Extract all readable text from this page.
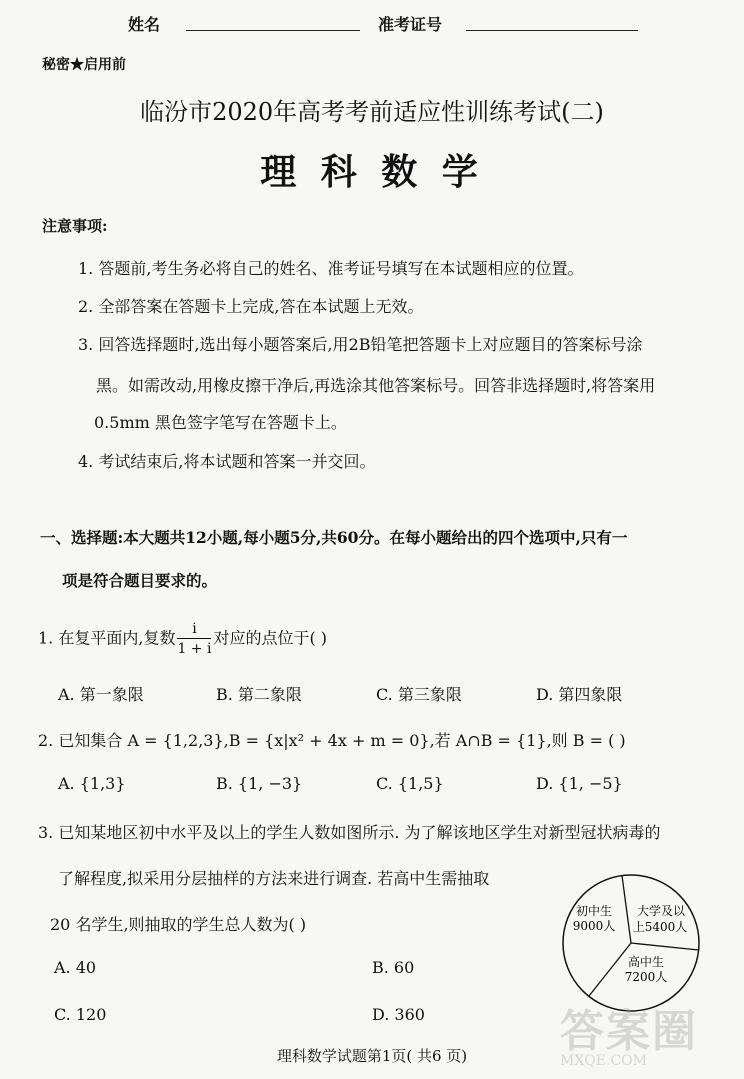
姓名	准考证号
秘密★启用前
临汾市2020年高考考前适应性训练考试(二)
理 科 数 学
注意事项:
1. 答题前,考生务必将自己的姓名、准考证号填写在本试题相应的位置。
2. 全部答案在答题卡上完成,答在本试题上无效。
3. 回答选择题时,选出每小题答案后,用2B铅笔把答题卡上对应题目的答案标号涂
黑。如需改动,用橡皮擦干净后,再选涂其他答案标号。回答非选择题时,将答案用
0.5mm 黑色签字笔写在答题卡上。
4. 考试结束后,将本试题和答案一并交回。
一、选择题:本大题共12小题,每小题5分,共60分。在每小题给出的四个选项中,只有一
项是符合题目要求的。
1. 在复平面内,复数 $\frac{i}{1 + i}$ 对应的点位于( )
A. 第一象限	B. 第二象限	C. 第三象限	D. 第四象限
2. 已知集合 A = {1,2,3},B = {x|x² + 4x + m = 0},若 A∩B = {1},则 B = ( )
A. {1,3}	B. {1, −3}	C. {1,5}	D. {1, −5}
3. 已知某地区初中水平及以上的学生人数如图所示. 为了解该地区学生对新型冠状病毒的
了解程度,拟采用分层抽样的方法来进行调查. 若高中生需抽取
20 名学生,则抽取的学生总人数为( )
A. 40	B. 60
C. 120	D. 360
初中生
9000人
大学及以
上5400人
高中生
7200人
答案圈
MXQE.COM
理科数学试题第1页( 共6 页)
